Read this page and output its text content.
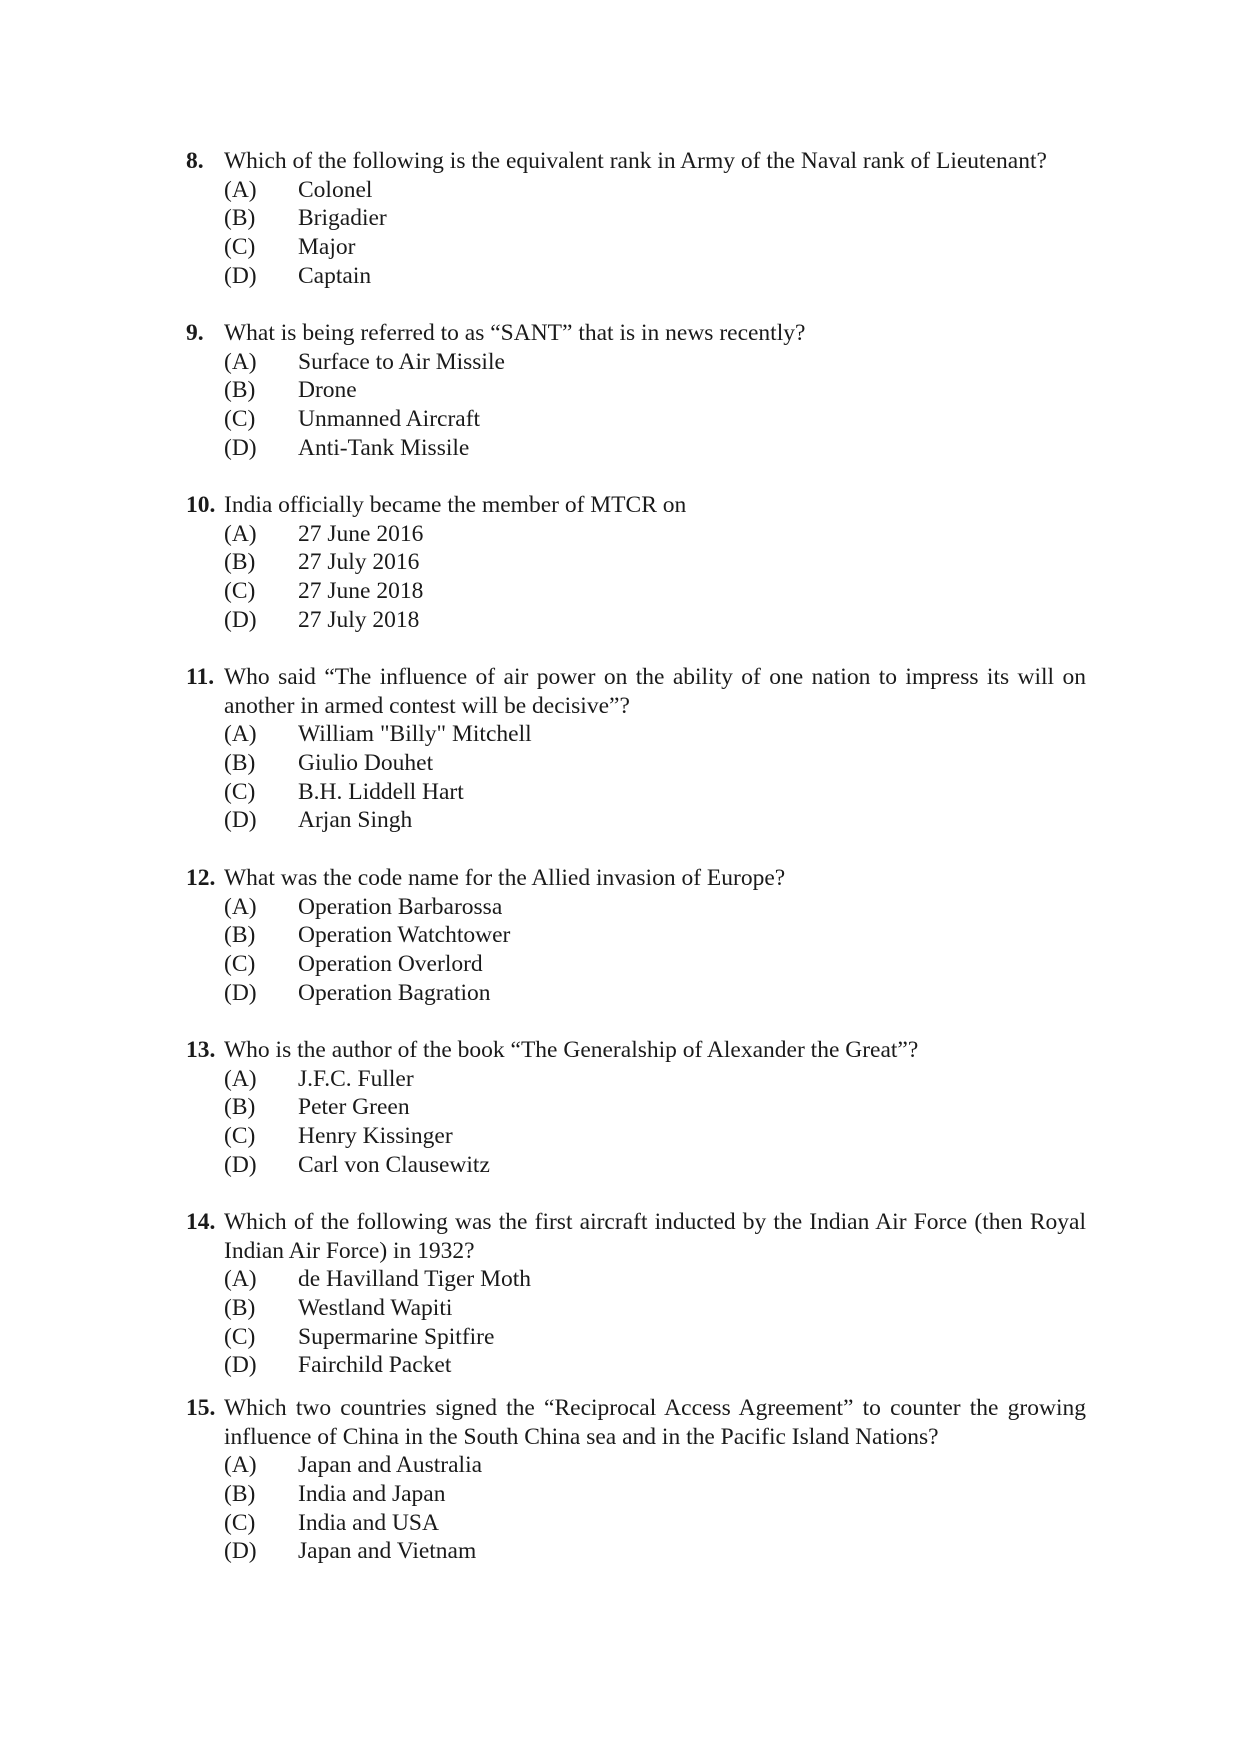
8. Which of the following is the equivalent rank in Army of the Naval rank of Lieutenant?
(A) Colonel
(B) Brigadier
(C) Major
(D) Captain
9. What is being referred to as “SANT” that is in news recently?
(A) Surface to Air Missile
(B) Drone
(C) Unmanned Aircraft
(D) Anti-Tank Missile
10. India officially became the member of MTCR on
(A) 27 June 2016
(B) 27 July 2016
(C) 27 June 2018
(D) 27 July 2018
11. Who said “The influence of air power on the ability of one nation to impress its will on another in armed contest will be decisive”?
(A) William "Billy" Mitchell
(B) Giulio Douhet
(C) B.H. Liddell Hart
(D) Arjan Singh
12. What was the code name for the Allied invasion of Europe?
(A) Operation Barbarossa
(B) Operation Watchtower
(C) Operation Overlord
(D) Operation Bagration
13. Who is the author of the book “The Generalship of Alexander the Great”?
(A) J.F.C. Fuller
(B) Peter Green
(C) Henry Kissinger
(D) Carl von Clausewitz
14. Which of the following was the first aircraft inducted by the Indian Air Force (then Royal Indian Air Force) in 1932?
(A) de Havilland Tiger Moth
(B) Westland Wapiti
(C) Supermarine Spitfire
(D) Fairchild Packet
15. Which two countries signed the “Reciprocal Access Agreement” to counter the growing influence of China in the South China sea and in the Pacific Island Nations?
(A) Japan and Australia
(B) India and Japan
(C) India and USA
(D) Japan and Vietnam
